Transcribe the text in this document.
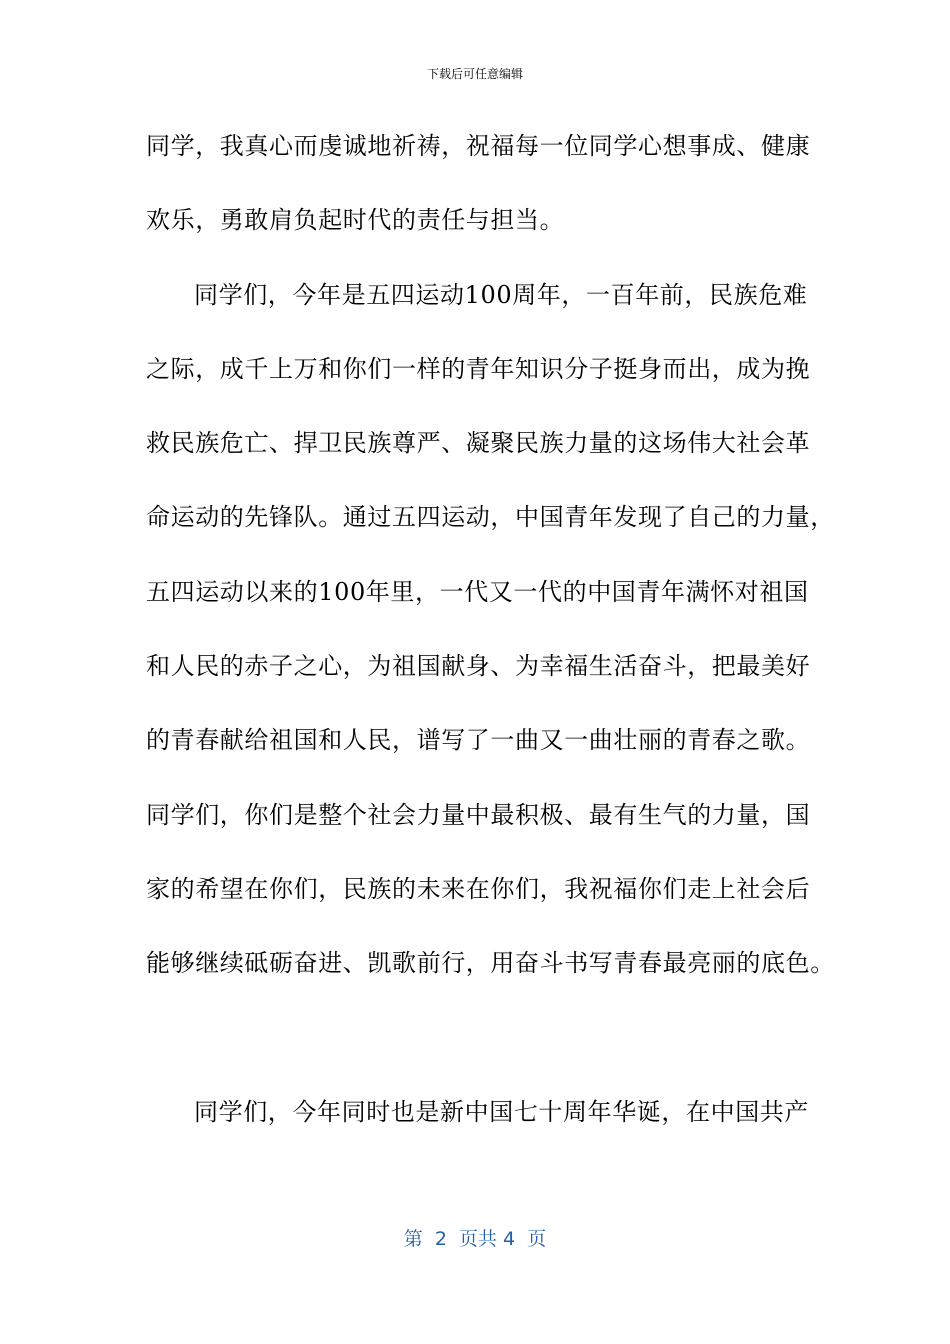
下载后可任意编辑
同学，我真心而虔诚地祈祷，祝福每一位同学心想事成、健康
欢乐，勇敢肩负起时代的责任与担当。
同学们，今年是五四运动100周年，一百年前，民族危难
之际，成千上万和你们一样的青年知识分子挺身而出，成为挽
救民族危亡、捍卫民族尊严、凝聚民族力量的这场伟大社会革
命运动的先锋队。通过五四运动，中国青年发现了自己的力量，
五四运动以来的100年里，一代又一代的中国青年满怀对祖国
和人民的赤子之心，为祖国献身、为幸福生活奋斗，把最美好
的青春献给祖国和人民，谱写了一曲又一曲壮丽的青春之歌。
同学们，你们是整个社会力量中最积极、最有生气的力量，国
家的希望在你们，民族的未来在你们，我祝福你们走上社会后
能够继续砥砺奋进、凯歌前行，用奋斗书写青春最亮丽的底色。
同学们，今年同时也是新中国七十周年华诞，在中国共产
第  2  页共 4  页
